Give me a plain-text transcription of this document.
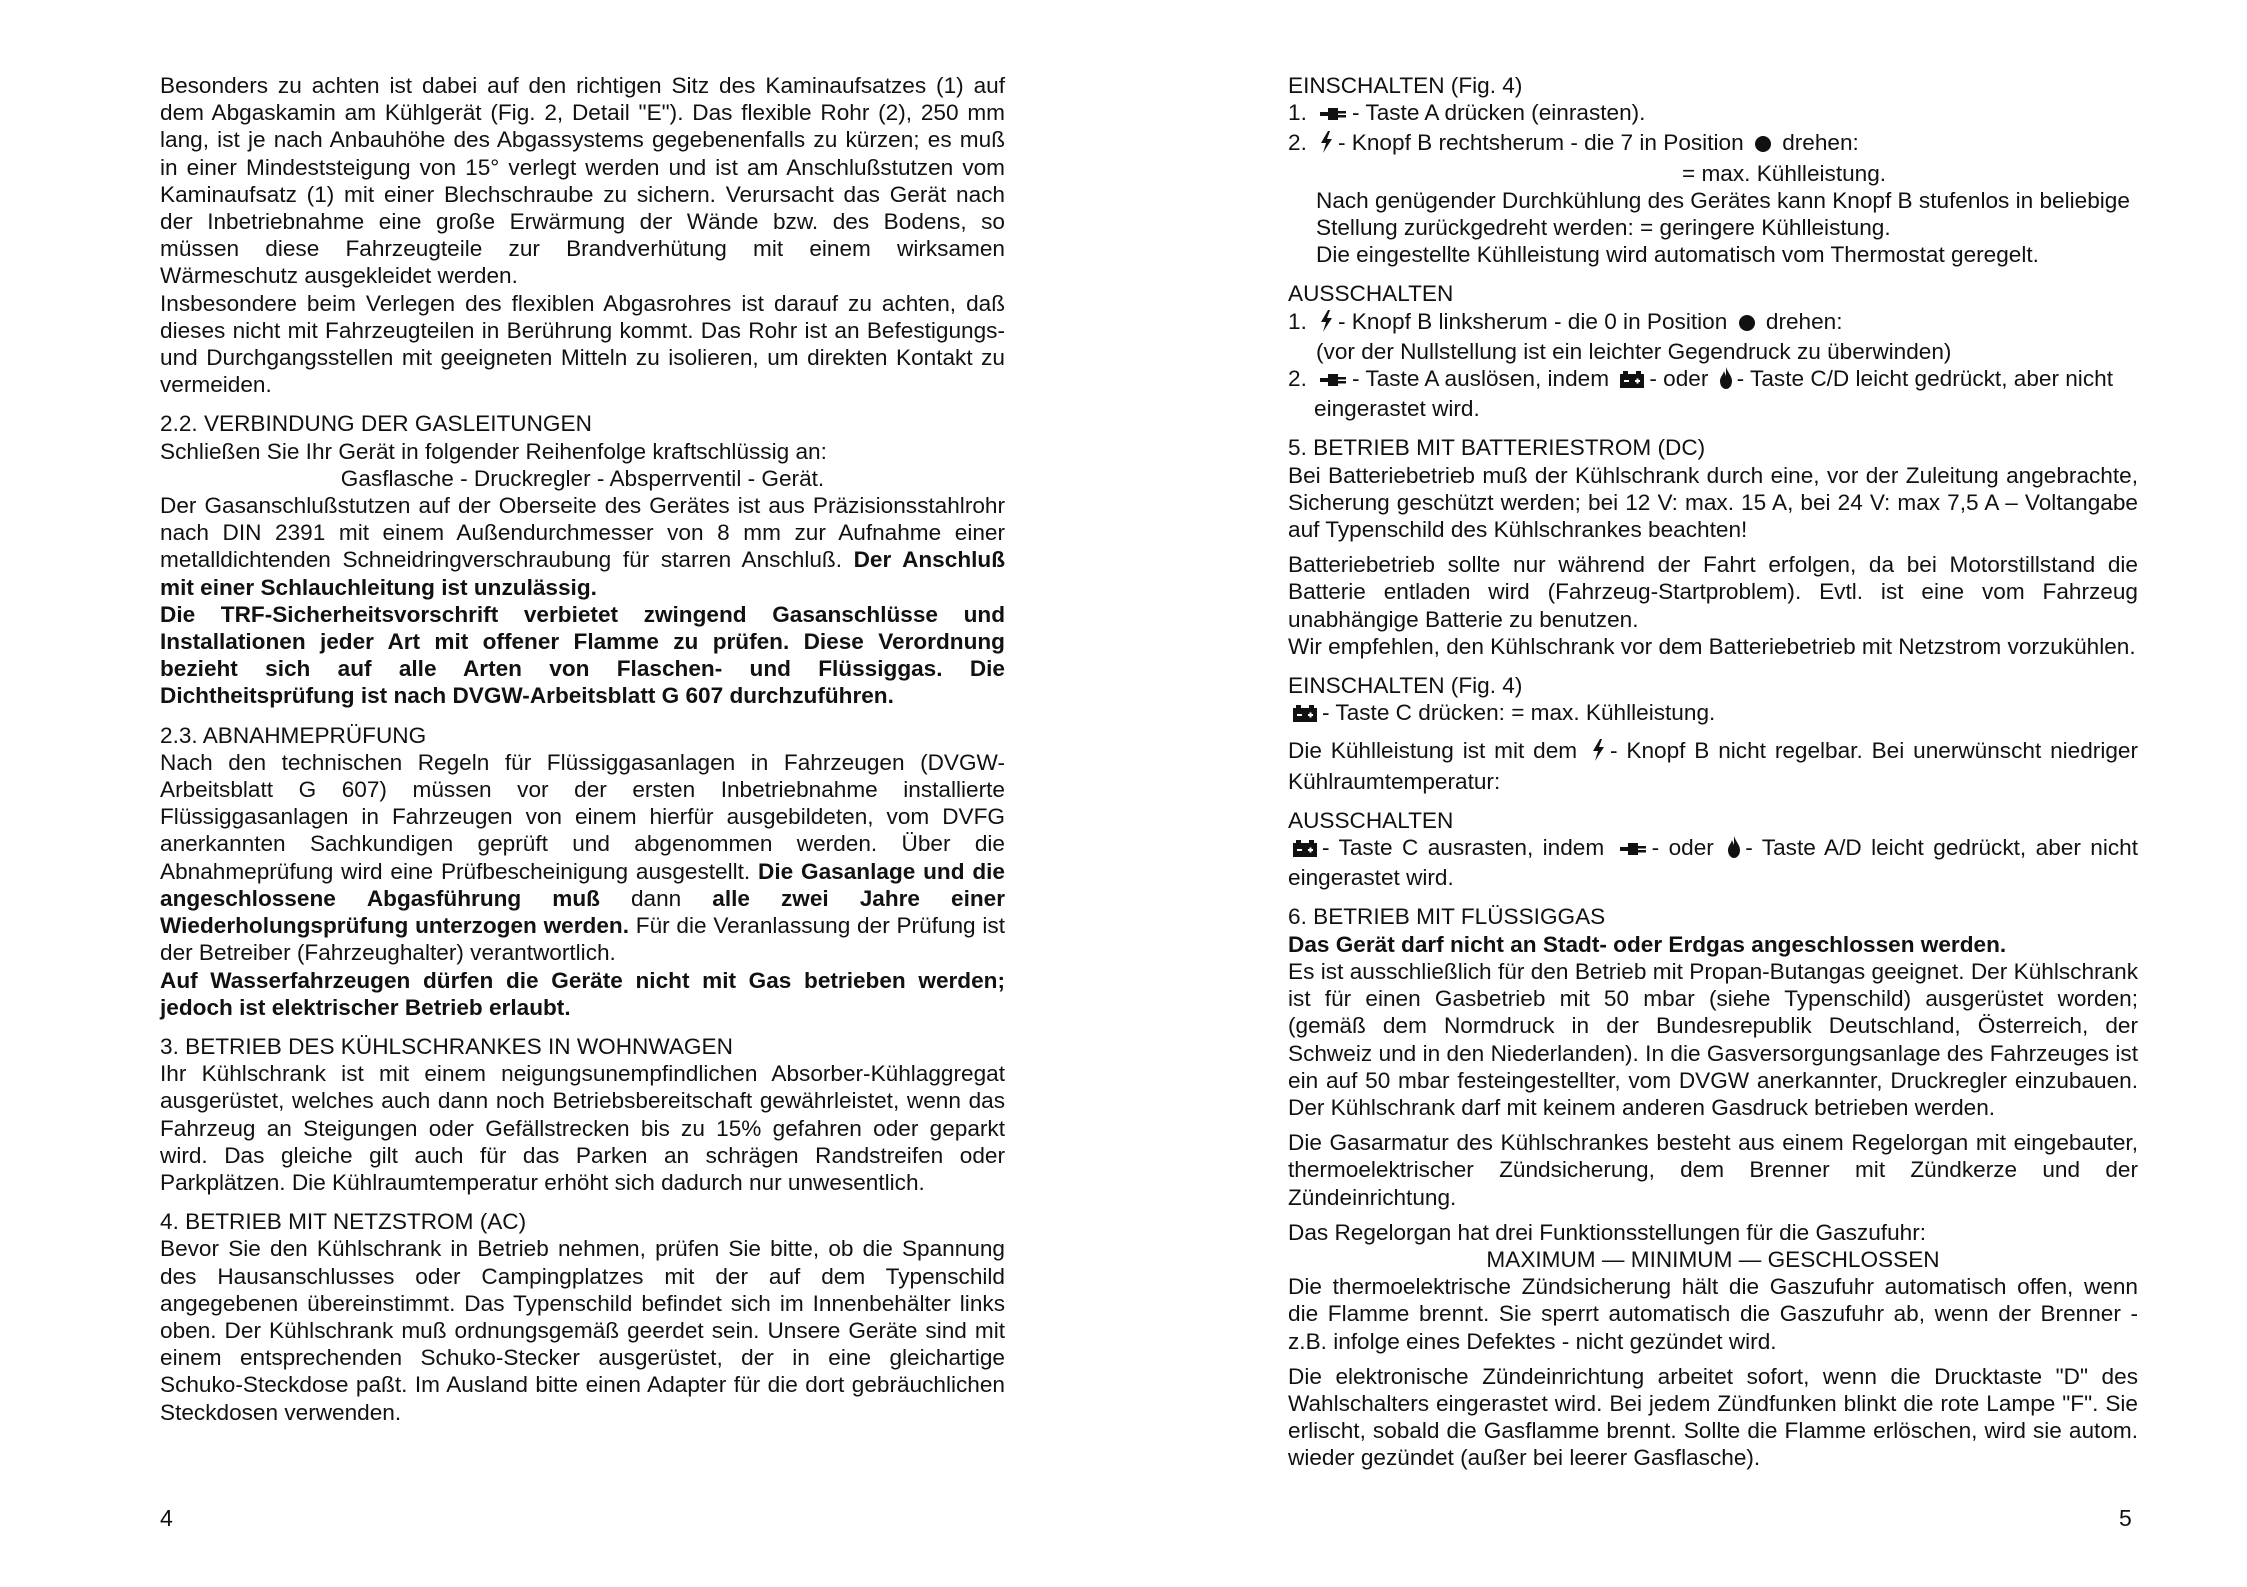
Besonders zu achten ist dabei auf den richtigen Sitz des Kaminaufsatzes (1) auf dem Abgaskamin am Kühlgerät (Fig. 2, Detail "E"). Das flexible Rohr (2), 250 mm lang, ist je nach Anbauhöhe des Abgassystems gegebenenfalls zu kürzen; es muß in einer Mindeststeigung von 15° verlegt werden und ist am Anschlußstutzen vom Kaminaufsatz (1) mit einer Blechschraube zu sichern. Verursacht das Gerät nach der Inbetriebnahme eine große Erwärmung der Wände bzw. des Bodens, so müssen diese Fahrzeugteile zur Brandverhütung mit einem wirksamen Wärmeschutz ausgekleidet werden.

Insbesondere beim Verlegen des flexiblen Abgasrohres ist darauf zu achten, daß dieses nicht mit Fahrzeugteilen in Berührung kommt. Das Rohr ist an Befestigungs- und Durchgangsstellen mit geeigneten Mitteln zu isolieren, um direkten Kontakt zu vermeiden.

2.2. VERBINDUNG DER GASLEITUNGEN

Schließen Sie Ihr Gerät in folgender Reihenfolge kraftschlüssig an:

Gasflasche - Druckregler - Absperrventil - Gerät.

Der Gasanschlußstutzen auf der Oberseite des Gerätes ist aus Präzisionsstahlrohr nach DIN 2391 mit einem Außendurchmesser von 8 mm zur Aufnahme einer metalldichtenden Schneidringverschraubung für starren Anschluß. Der Anschluß mit einer Schlauchleitung ist unzulässig.

Die TRF-Sicherheitsvorschrift verbietet zwingend Gasanschlüsse und Installationen jeder Art mit offener Flamme zu prüfen. Diese Verordnung bezieht sich auf alle Arten von Flaschen- und Flüssiggas. Die Dichtheitsprüfung ist nach DVGW-Arbeitsblatt G 607 durchzuführen.

2.3. ABNAHMEPRÜFUNG

Nach den technischen Regeln für Flüssiggasanlagen in Fahrzeugen (DVGW-Arbeitsblatt G 607) müssen vor der ersten Inbetriebnahme installierte Flüssiggasanlagen in Fahrzeugen von einem hierfür ausgebildeten, vom DVFG anerkannten Sachkundigen geprüft und abgenommen werden. Über die Abnahmeprüfung wird eine Prüfbescheinigung ausgestellt. Die Gasanlage und die angeschlossene Abgasführung muß dann alle zwei Jahre einer Wiederholungsprüfung unterzogen werden. Für die Veranlassung der Prüfung ist der Betreiber (Fahrzeughalter) verantwortlich.

Auf Wasserfahrzeugen dürfen die Geräte nicht mit Gas betrieben werden; jedoch ist elektrischer Betrieb erlaubt.

3. BETRIEB DES KÜHLSCHRANKES IN WOHNWAGEN

Ihr Kühlschrank ist mit einem neigungsunempfindlichen Absorber-Kühlaggregat ausgerüstet, welches auch dann noch Betriebsbereitschaft gewährleistet, wenn das Fahrzeug an Steigungen oder Gefällstrecken bis zu 15% gefahren oder geparkt wird. Das gleiche gilt auch für das Parken an schrägen Randstreifen oder Parkplätzen. Die Kühlraumtemperatur erhöht sich dadurch nur unwesentlich.

4. BETRIEB MIT NETZSTROM (AC)

Bevor Sie den Kühlschrank in Betrieb nehmen, prüfen Sie bitte, ob die Spannung des Hausanschlusses oder Campingplatzes mit der auf dem Typenschild angegebenen übereinstimmt. Das Typenschild befindet sich im Innenbehälter links oben. Der Kühlschrank muß ordnungsgemäß geerdet sein. Unsere Geräte sind mit einem entsprechenden Schuko-Stecker ausgerüstet, der in eine gleichartige Schuko-Steckdose paßt. Im Ausland bitte einen Adapter für die dort gebräuchlichen Steckdosen verwenden.

4

EINSCHALTEN (Fig. 4)

1.	- Taste A drücken (einrasten).
2.	- Knopf B rechtsherum - die 7 in Position drehen:

= max. Kühlleistung.

Nach genügender Durchkühlung des Gerätes kann Knopf B stufenlos in beliebige Stellung zurückgedreht werden: = geringere Kühlleistung.

Die eingestellte Kühlleistung wird automatisch vom Thermostat geregelt.

AUSSCHALTEN

1.	- Knopf B linksherum - die 0 in Position drehen:

(vor der Nullstellung ist ein leichter Gegendruck zu überwinden)

2.	- Taste A auslösen, indem - oder - Taste C/D leicht gedrückt, aber nicht eingerastet wird.

5. BETRIEB MIT BATTERIESTROM (DC)

Bei Batteriebetrieb muß der Kühlschrank durch eine, vor der Zuleitung angebrachte, Sicherung geschützt werden; bei 12 V: max. 15 A, bei 24 V: max 7,5 A – Voltangabe auf Typenschild des Kühlschrankes beachten!

Batteriebetrieb sollte nur während der Fahrt erfolgen, da bei Motorstillstand die Batterie entladen wird (Fahrzeug-Startproblem). Evtl. ist eine vom Fahrzeug unabhängige Batterie zu benutzen.

Wir empfehlen, den Kühlschrank vor dem Batteriebetrieb mit Netzstrom vorzukühlen.

EINSCHALTEN (Fig. 4)

- Taste C drücken: = max. Kühlleistung.

Die Kühlleistung ist mit dem - Knopf B nicht regelbar. Bei unerwünscht niedriger Kühlraumtemperatur:

AUSSCHALTEN

- Taste C ausrasten, indem - oder - Taste A/D leicht gedrückt, aber nicht eingerastet wird.

6. BETRIEB MIT FLÜSSIGGAS

Das Gerät darf nicht an Stadt- oder Erdgas angeschlossen werden.

Es ist ausschließlich für den Betrieb mit Propan-Butangas geeignet. Der Kühlschrank ist für einen Gasbetrieb mit 50 mbar (siehe Typenschild) ausgerüstet worden; (gemäß dem Normdruck in der Bundesrepublik Deutschland, Österreich, der Schweiz und in den Niederlanden). In die Gasversorgungsanlage des Fahrzeuges ist ein auf 50 mbar festeingestellter, vom DVGW anerkannter, Druckregler einzubauen. Der Kühlschrank darf mit keinem anderen Gasdruck betrieben werden.

Die Gasarmatur des Kühlschrankes besteht aus einem Regelorgan mit eingebauter, thermoelektrischer Zündsicherung, dem Brenner mit Zündkerze und der Zündeinrichtung.

Das Regelorgan hat drei Funktionsstellungen für die Gaszufuhr:

MAXIMUM — MINIMUM — GESCHLOSSEN

Die thermoelektrische Zündsicherung hält die Gaszufuhr automatisch offen, wenn die Flamme brennt. Sie sperrt automatisch die Gaszufuhr ab, wenn der Brenner - z.B. infolge eines Defektes - nicht gezündet wird.

Die elektronische Zündeinrichtung arbeitet sofort, wenn die Drucktaste "D" des Wahlschalters eingerastet wird. Bei jedem Zündfunken blinkt die rote Lampe "F". Sie erlischt, sobald die Gasflamme brennt. Sollte die Flamme erlöschen, wird sie autom. wieder gezündet (außer bei leerer Gasflasche).

5
